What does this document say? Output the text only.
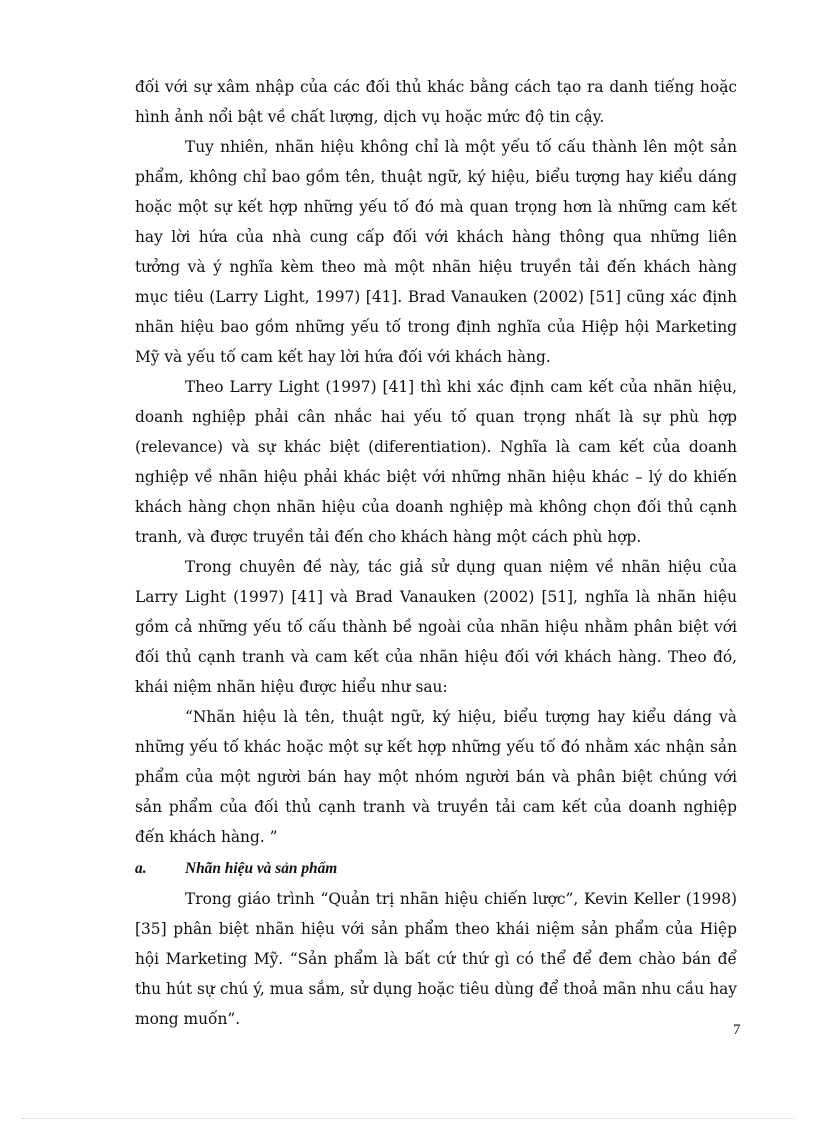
đối với sự xâm nhập của các đối thủ khác bằng cách tạo ra danh tiếng hoặc hình ảnh nổi bật về chất lượng, dịch vụ hoặc mức độ tin cậy.

Tuy nhiên, nhãn hiệu không chỉ là một yếu tố cấu thành lên một sản phẩm, không chỉ bao gồm tên, thuật ngữ, ký hiệu, biểu tượng hay kiểu dáng hoặc một sự kết hợp những yếu tố đó mà quan trọng hơn là những cam kết hay lời hứa của nhà cung cấp đối với khách hàng thông qua những liên tưởng và ý nghĩa kèm theo mà một nhãn hiệu truyền tải đến khách hàng mục tiêu (Larry Light, 1997) [41]. Brad Vanauken (2002) [51] cũng xác định nhãn hiệu bao gồm những yếu tố trong định nghĩa của Hiệp hội Marketing Mỹ và yếu tố cam kết hay lời hứa đối với khách hàng.

Theo Larry Light (1997) [41] thì khi xác định cam kết của nhãn hiệu, doanh nghiệp phải cân nhắc hai yếu tố quan trọng nhất là sự phù hợp (relevance) và sự khác biệt (diferentiation). Nghĩa là cam kết của doanh nghiệp về nhãn hiệu phải khác biệt với những nhãn hiệu khác – lý do khiến khách hàng chọn nhãn hiệu của doanh nghiệp mà không chọn đối thủ cạnh tranh, và được truyền tải đến cho khách hàng một cách phù hợp.

Trong chuyên đề này, tác giả sử dụng quan niệm về nhãn hiệu của Larry Light (1997) [41] và Brad Vanauken (2002) [51], nghĩa là nhãn hiệu gồm cả những yếu tố cấu thành bề ngoài của nhãn hiệu nhằm phân biệt với đối thủ cạnh tranh và cam kết của nhãn hiệu đối với khách hàng. Theo đó, khái niệm nhãn hiệu được hiểu như sau:

“Nhãn hiệu là tên, thuật ngữ, ký hiệu, biểu tượng hay kiểu dáng và những yếu tố khác hoặc một sự kết hợp những yếu tố đó nhằm xác nhận sản phẩm của một người bán hay một nhóm người bán và phân biệt chúng với sản phẩm của đối thủ cạnh tranh và truyền tải cam kết của doanh nghiệp đến khách hàng. ”

a.	Nhãn hiệu và sản phẩm

Trong giáo trình “Quản trị nhãn hiệu chiến lược”, Kevin Keller (1998) [35] phân biệt nhãn hiệu với sản phẩm theo khái niệm sản phẩm của Hiệp hội Marketing Mỹ. “Sản phẩm là bất cứ thứ gì có thể để đem chào bán để thu hút sự chú ý, mua sắm, sử dụng hoặc tiêu dùng để thoả mãn nhu cầu hay mong muốn”.

7
